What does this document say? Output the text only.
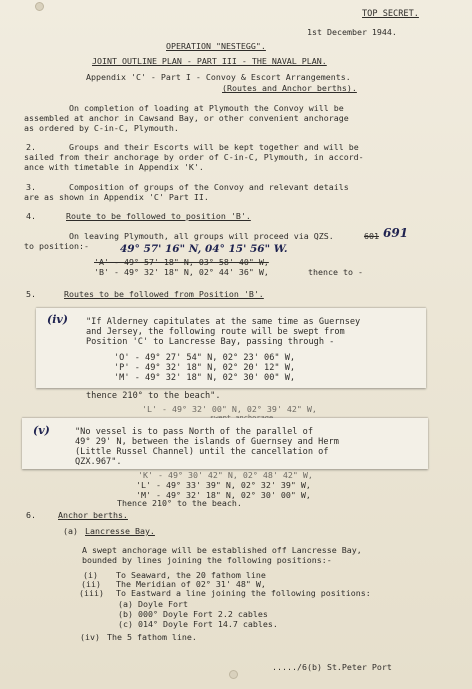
TOP SECRET.
1st December 1944.
OPERATION "NESTEGG".
JOINT OUTLINE PLAN - PART III - THE NAVAL PLAN.
Appendix 'C' - Part I - Convoy & Escort Arrangements.
(Routes and Anchor berths).
On completion of loading at Plymouth the Convoy will be
assembled at anchor in Cawsand Bay, or other convenient anchorage
as ordered by C-in-C, Plymouth.
2.	Groups and their Escorts will be kept together and will be
sailed from their anchorage by order of C-in-C, Plymouth, in accord-
ance with timetable in Appendix 'K'.
3.	Composition of groups of the Convoy and relevant details
are as shown in Appendix 'C' Part II.
4.	Route to be followed to position 'B'.
On leaving Plymouth, all groups will proceed via QZS.	601 691
to position:-	49° 57' 16" N, 04° 15' 56" W.
'A' - 49° 57' 18" N, 03° 58' 40" W,
'B' - 49° 32' 18" N, 02° 44' 36" W,	thence to -
5.	Routes to be followed from Position 'B'.
(iv) "If Alderney capitulates at the same time as Guernsey
and Jersey, the following route will be swept from
Position 'C' to Lancresse Bay, passing through -
'O' - 49° 27' 54" N, 02° 23' 06" W,
'P' - 49° 32' 18" N, 02° 20' 12" W,
'M' - 49° 32' 18" N, 02° 30' 00" W,
thence 210° to the beach".
'L' - 49° 32' 00" N, 02° 39' 42" W,
(v)	"No vessel is to pass North of the parallel of
49° 29' N, between the islands of Guernsey and Herm
(Little Russel Channel) until the cancellation of
QZX.967".
'K' - 49° 30' 42" N, 02° 48' 42" W,
'L' - 49° 33' 39" N, 02° 32' 39" W,
'M' - 49° 32' 18" N, 02° 30' 00" W,
Thence 210° to the beach.
6.	Anchor berths.
(a) Lancresse Bay.
A swept anchorage will be established off Lancresse Bay,
bounded by lines joining the following positions:-
(i) To Seaward, the 20 fathom line
(ii) The Meridian of 02° 31' 48" W,
(iii) To Eastward a line joining the following positions:
(a) Doyle Fort
(b) 000° Doyle Fort 2.2 cables
(c) 014° Doyle Fort 14.7 cables.
(iv) The 5 fathom line.
...../6(b) St.Peter Port
